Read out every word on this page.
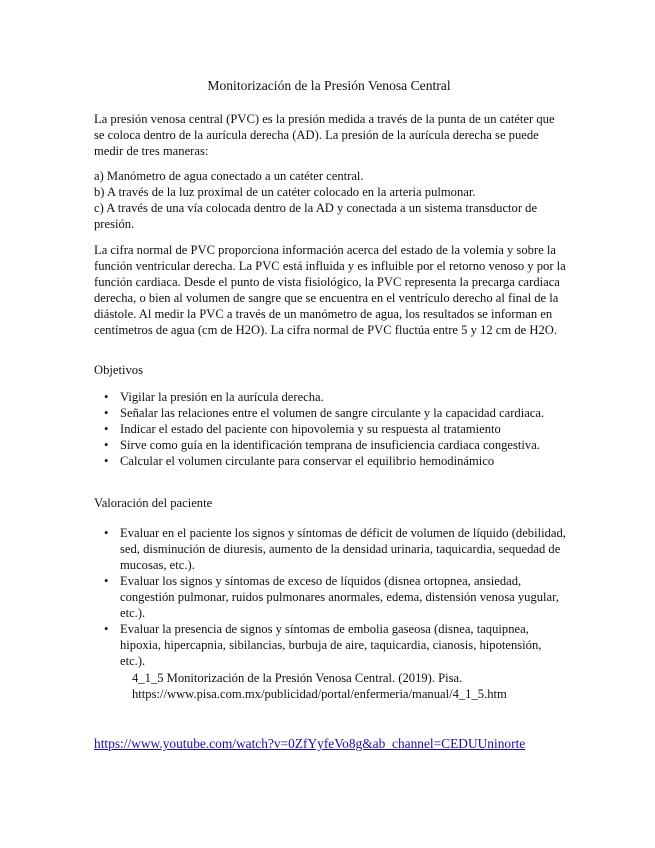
Monitorización de la Presión Venosa Central

La presión venosa central (PVC) es la presión medida a través de la punta de un catéter que se coloca dentro de la aurícula derecha (AD). La presión de la aurícula derecha se puede medir de tres maneras:

a) Manómetro de agua conectado a un catéter central.
b) A través de la luz proximal de un catéter colocado en la arteria pulmonar.
c) A través de una vía colocada dentro de la AD y conectada a un sistema transductor de presión.

La cifra normal de PVC proporciona información acerca del estado de la volemia y sobre la función ventricular derecha. La PVC está influida y es influible por el retorno venoso y por la función cardiaca. Desde el punto de vista fisiológico, la PVC representa la precarga cardiaca derecha, o bien al volumen de sangre que se encuentra en el ventrículo derecho al final de la diástole. Al medir la PVC a través de un manómetro de agua, los resultados se informan en centímetros de agua (cm de H2O). La cifra normal de PVC fluctúa entre 5 y 12 cm de H2O.

Objetivos

• Vigilar la presión en la aurícula derecha.
• Señalar las relaciones entre el volumen de sangre circulante y la capacidad cardiaca.
• Indicar el estado del paciente con hipovolemia y su respuesta al tratamiento
• Sirve como guía en la identificación temprana de insuficiencia cardiaca congestiva.
• Calcular el volumen circulante para conservar el equilibrio hemodinámico

Valoración del paciente

• Evaluar en el paciente los signos y síntomas de déficit de volumen de líquido (debilidad, sed, disminución de diuresis, aumento de la densidad urinaria, taquicardia, sequedad de mucosas, etc.).
• Evaluar los signos y síntomas de exceso de líquidos (disnea ortopnea, ansiedad, congestión pulmonar, ruidos pulmonares anormales, edema, distensión venosa yugular, etc.).
• Evaluar la presencia de signos y síntomas de embolia gaseosa (disnea, taquipnea, hipoxia, hipercapnia, sibilancias, burbuja de aire, taquicardia, cianosis, hipotensión, etc.).

4_1_5 Monitorización de la Presión Venosa Central. (2019). Pisa.
https://www.pisa.com.mx/publicidad/portal/enfermeria/manual/4_1_5.htm

https://www.youtube.com/watch?v=0ZfYyfeVo8g&ab_channel=CEDUUninorte
